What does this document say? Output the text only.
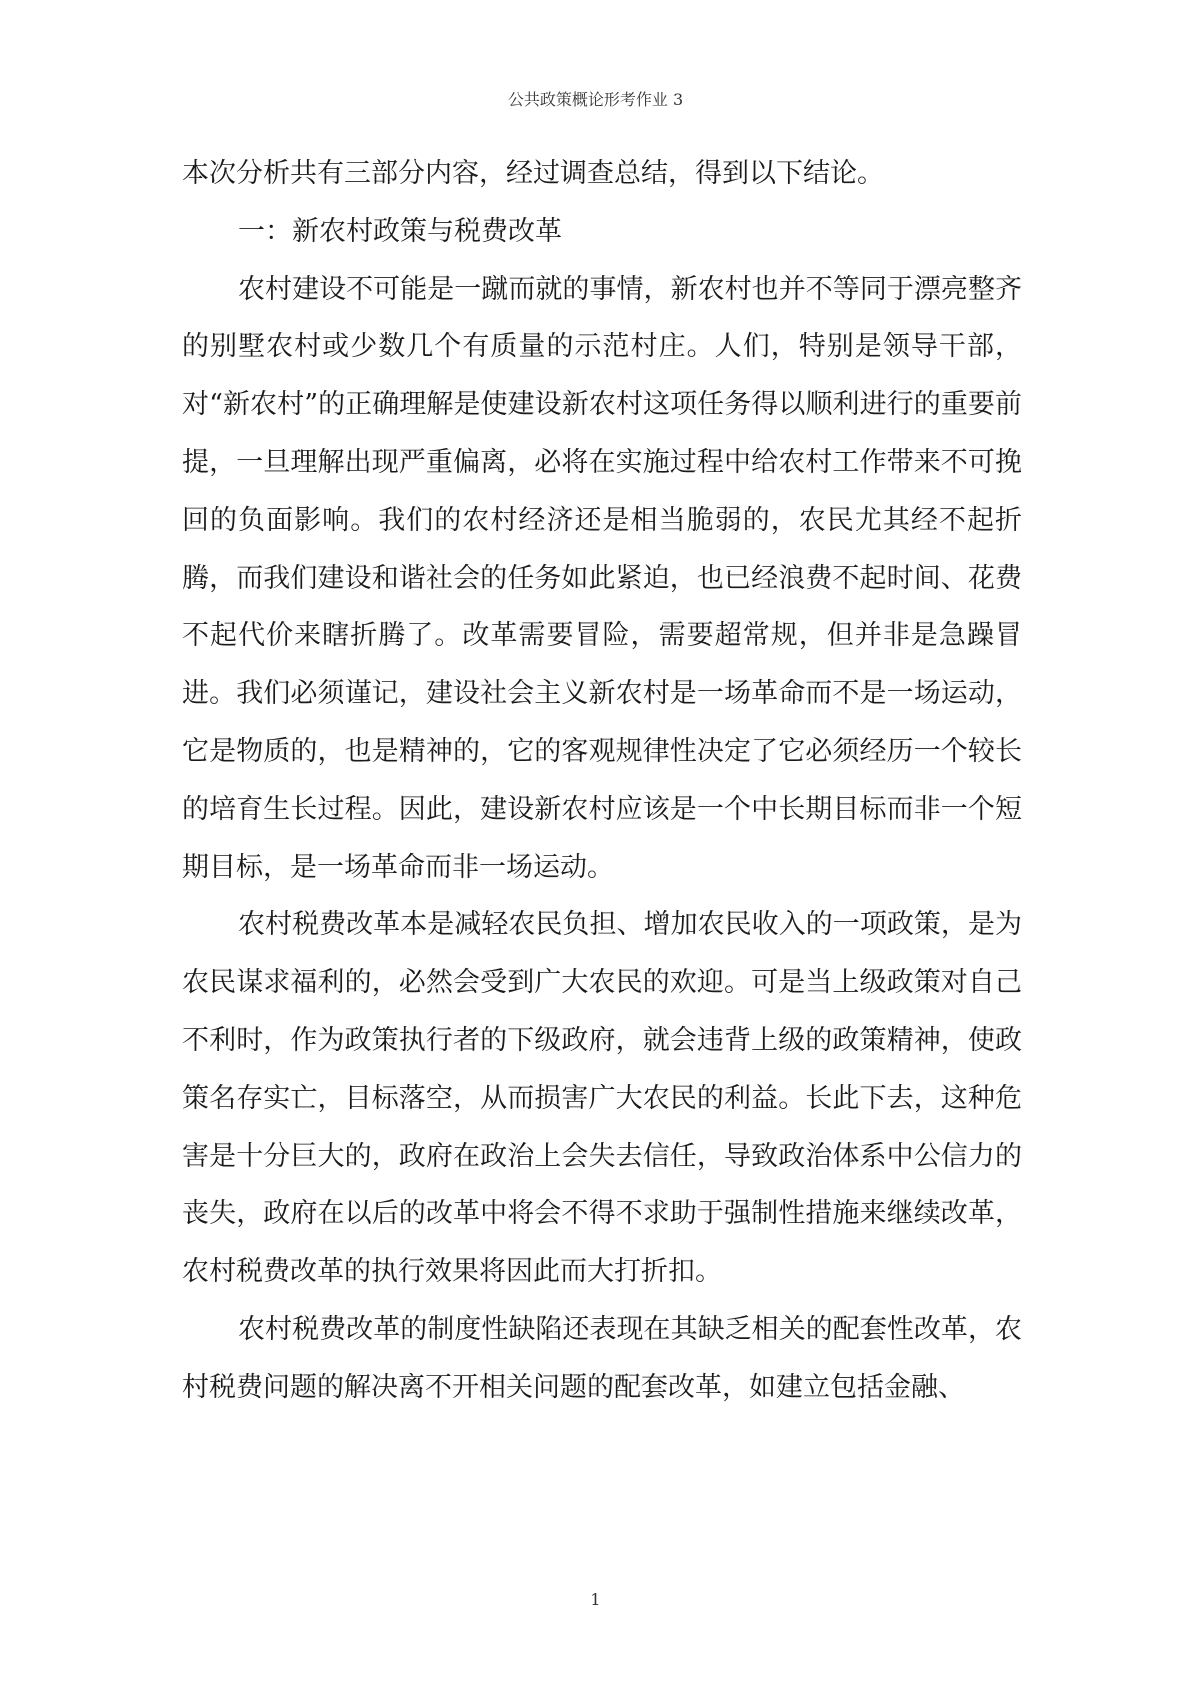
公共政策概论形考作业 3

本次分析共有三部分内容，经过调查总结，得到以下结论。

一：新农村政策与税费改革

农村建设不可能是一蹴而就的事情，新农村也并不等同于漂亮整齐的别墅农村或少数几个有质量的示范村庄。人们，特别是领导干部，对“新农村”的正确理解是使建设新农村这项任务得以顺利进行的重要前提，一旦理解出现严重偏离，必将在实施过程中给农村工作带来不可挽回的负面影响。我们的农村经济还是相当脆弱的，农民尤其经不起折腾，而我们建设和谐社会的任务如此紧迫，也已经浪费不起时间、花费不起代价来瞎折腾了。改革需要冒险，需要超常规，但并非是急躁冒进。我们必须谨记，建设社会主义新农村是一场革命而不是一场运动，它是物质的，也是精神的，它的客观规律性决定了它必须经历一个较长的培育生长过程。因此，建设新农村应该是一个中长期目标而非一个短期目标，是一场革命而非一场运动。

农村税费改革本是减轻农民负担、增加农民收入的一项政策，是为农民谋求福利的，必然会受到广大农民的欢迎。可是当上级政策对自己不利时，作为政策执行者的下级政府，就会违背上级的政策精神，使政策名存实亡，目标落空，从而损害广大农民的利益。长此下去，这种危害是十分巨大的，政府在政治上会失去信任，导致政治体系中公信力的丧失，政府在以后的改革中将会不得不求助于强制性措施来继续改革，农村税费改革的执行效果将因此而大打折扣。

农村税费改革的制度性缺陷还表现在其缺乏相关的配套性改革，农村税费问题的解决离不开相关问题的配套改革，如建立包括金融、

1
